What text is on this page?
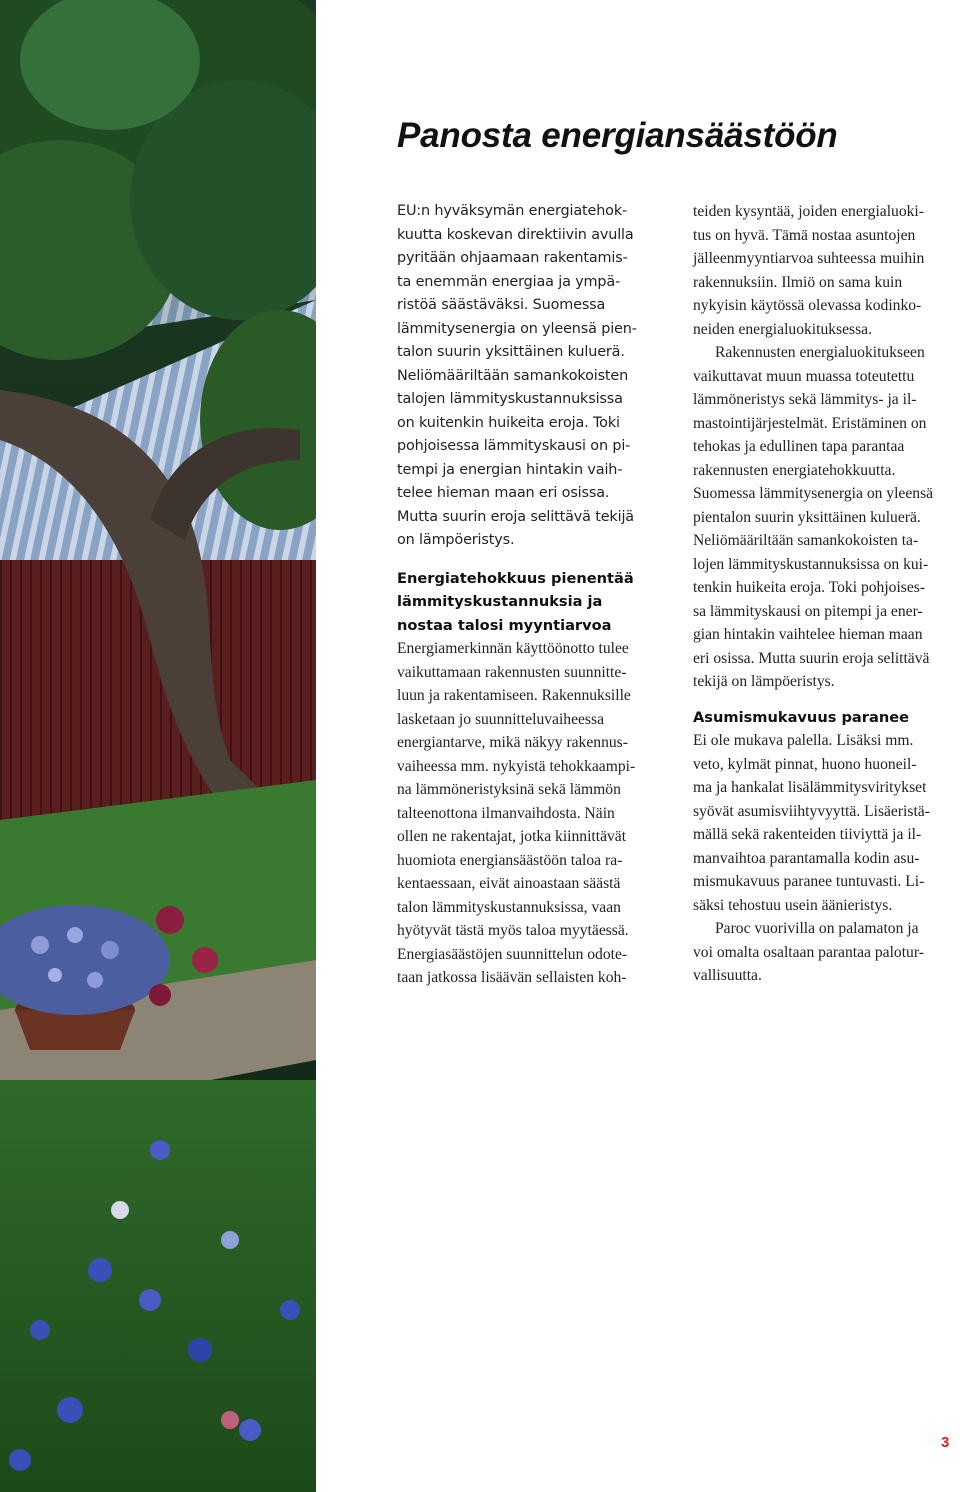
Panosta energiansäästöön
EU:n hyväksymän energiatehok-
kuutta koskevan direktiivin avulla
pyritään ohjaamaan rakentamis-
ta enemmän energiaa ja ympä-
ristöä säästäväksi. Suomessa
lämmitysenergia on yleensä pien-
talon suurin yksittäinen kuluerä.
Neliömääriltään samankokoisten
talojen lämmityskustannuksissa
on kuitenkin huikeita eroja. Toki
pohjoisessa lämmityskausi on pi-
tempi ja energian hintakin vaih-
telee hieman maan eri osissa.
Mutta suurin eroja selittävä tekijä
on lämpöeristys.
Energiatehokkuus pienentää
lämmityskustannuksia ja
nostaa talosi myyntiarvoa
Energiamerkinnän käyttöönotto tulee
vaikuttamaan rakennusten suunnitte-
luun ja rakentamiseen. Rakennuksille
lasketaan jo suunnitteluvaiheessa
energiantarve, mikä näkyy rakennus-
vaiheessa mm. nykyistä tehokkaampi-
na lämmöneristyksinä sekä lämmön
talteenottona ilmanvaihdosta. Näin
ollen ne rakentajat, jotka kiinnittävät
huomiota energiansäästöön taloa ra-
kentaessaan, eivät ainoastaan säästä
talon lämmityskustannuksissa, vaan
hyötyvät tästä myös taloa myytäessä.
Energiasäästöjen suunnittelun odote-
taan jatkossa lisäävän sellaisten koh-
teiden kysyntää, joiden energialuoki-
tus on hyvä. Tämä nostaa asuntojen
jälleenmyyntiarvoa suhteessa muihin
rakennuksiin. Ilmiö on sama kuin
nykyisin käytössä olevassa kodinko-
neiden energialuokituksessa.
Rakennusten energialuokitukseen
vaikuttavat muun muassa toteutettu
lämmöneristys sekä lämmitys- ja il-
mastointijärjestelmät. Eristäminen on
tehokas ja edullinen tapa parantaa
rakennusten energiatehokkuutta.
Suomessa lämmitysenergia on yleensä
pientalon suurin yksittäinen kuluerä.
Neliömääriltään samankokoisten ta-
lojen lämmityskustannuksissa on kui-
tenkin huikeita eroja. Toki pohjoises-
sa lämmityskausi on pitempi ja ener-
gian hintakin vaihtelee hieman maan
eri osissa. Mutta suurin eroja selittävä
tekijä on lämpöeristys.
Asumismukavuus paranee
Ei ole mukava palella. Lisäksi mm.
veto, kylmät pinnat, huono huoneil-
ma ja hankalat lisälämmitysviritykset
syövät asumisviihtyvyyttä. Lisäeristä-
mällä sekä rakenteiden tiiviyttä ja il-
manvaihtoa parantamalla kodin asu-
mismukavuus paranee tuntuvasti. Li-
säksi tehostuu usein äänieristys.
Paroc vuorivilla on palamaton ja
voi omalta osaltaan parantaa palotur-
vallisuutta.
3
